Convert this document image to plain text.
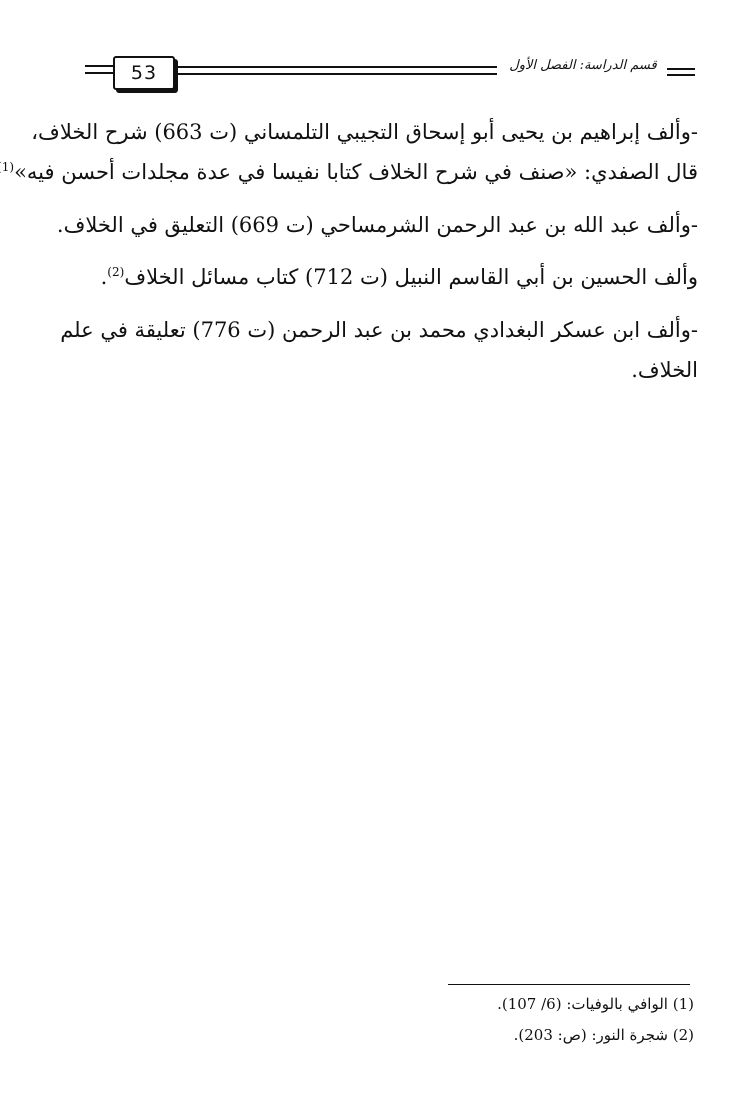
53	قسم الدراسة: الفصل الأول
-وألف إبراهيم بن يحيى أبو إسحاق التجيبي التلمساني (ت 663) شرح الخلاف،
قال الصفدي: «صنف في شرح الخلاف كتابا نفيسا في عدة مجلدات أحسن فيه»$^{(1}$
-وألف عبد الله بن عبد الرحمن الشرمساحي (ت 669) التعليق في الخلاف.
وألف الحسين بن أبي القاسم النبيل (ت 712) كتاب مسائل الخلاف$^{(2)}$.
-وألف ابن عسكر البغدادي محمد بن عبد الرحمن (ت 776) تعليقة في علم
الخلاف.
(1) الوافي بالوفيات: (6/ 107).
(2) شجرة النور: (ص: 203).
